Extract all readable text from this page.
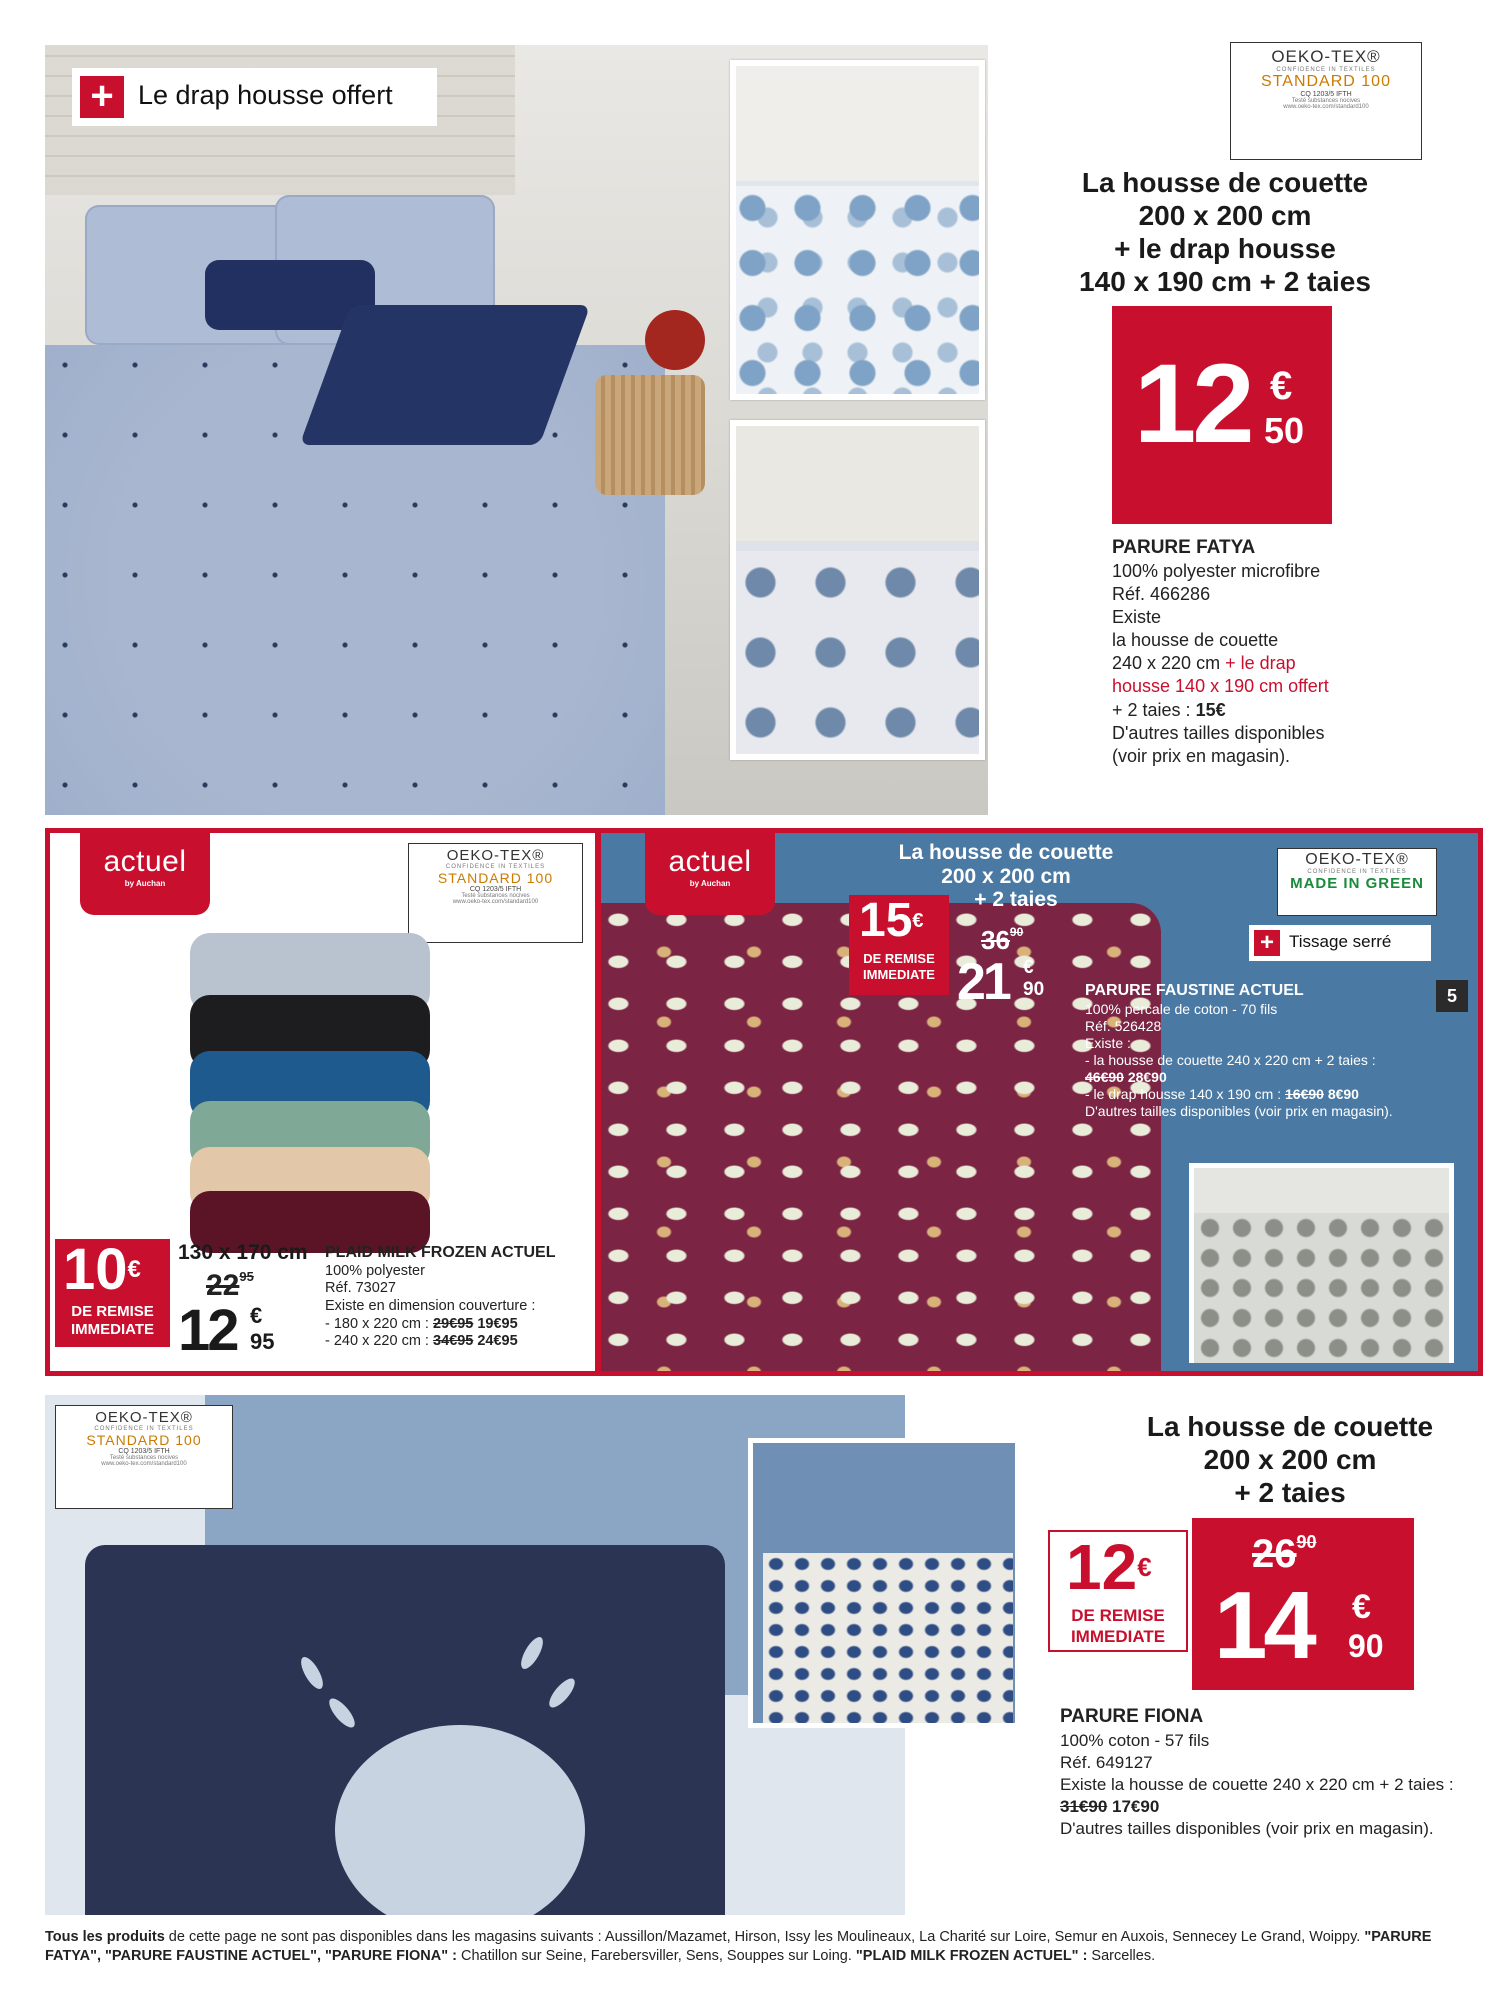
+ Le drap housse offert
OEKO-TEX®
CONFIDENCE IN TEXTILES
STANDARD 100
CQ 1203/5 IFTH
Testé substances nocives
www.oeko-tex.com/standard100
La housse de couette
200 x 200 cm
+ le drap housse
140 x 190 cm + 2 taies
12 €
50
PARURE FATYA
100% polyester microfibre
Réf. 466286
Existe
la housse de couette
240 x 220 cm + le drap
housse 140 x 190 cm offert
+ 2 taies : 15€
D'autres tailles disponibles
(voir prix en magasin).
actuel
by Auchan
OEKO-TEX®
CONFIDENCE IN TEXTILES
STANDARD 100
CQ 1203/5 IFTH
Testé substances nocives
www.oeko-tex.com/standard100
10€
DE REMISE
IMMEDIATE
130 x 170 cm
$22^{95}$
12 €
95
PLAID MILK FROZEN ACTUEL
100% polyester
Réf. 73027
Existe en dimension couverture :
- 180 x 220 cm : 29€95 19€95
- 240 x 220 cm : 34€95 24€95
actuel
by Auchan
La housse de couette
200 x 200 cm
+ 2 taies
OEKO-TEX®
CONFIDENCE IN TEXTILES
MADE IN GREEN
15€
DE REMISE
IMMEDIATE
$36^{90}$
21 €
90
+ Tissage serré
PARURE FAUSTINE ACTUEL
100% percale de coton - 70 fils
Réf. 526428
Existe :
- la housse de couette 240 x 220 cm + 2 taies :
46€90 28€90
- le drap housse 140 x 190 cm : 16€90 8€90
D'autres tailles disponibles (voir prix en magasin).
5
OEKO-TEX®
CONFIDENCE IN TEXTILES
STANDARD 100
CQ 1203/5 IFTH
Testé substances nocives
www.oeko-tex.com/standard100
La housse de couette
200 x 200 cm
+ 2 taies
12€
DE REMISE
IMMEDIATE
$26^{90}$
14 €
90
PARURE FIONA
100% coton - 57 fils
Réf. 649127
Existe la housse de couette 240 x 220 cm + 2 taies :
31€90 17€90
D'autres tailles disponibles (voir prix en magasin).
Tous les produits de cette page ne sont pas disponibles dans les magasins suivants : Aussillon/Mazamet, Hirson, Issy les Moulineaux, La Charité sur Loire, Semur en Auxois, Sennecey Le Grand, Woippy. "PARURE FATYA", "PARURE FAUSTINE ACTUEL", "PARURE FIONA" : Chatillon sur Seine, Farebersviller, Sens, Souppes sur Loing. "PLAID MILK FROZEN ACTUEL" : Sarcelles.
